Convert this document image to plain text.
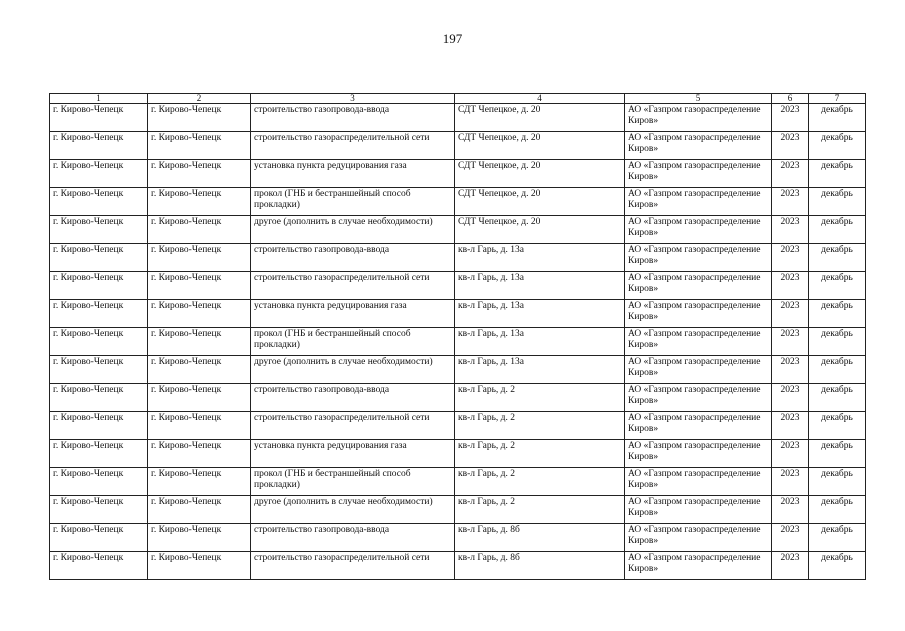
197
1	2	3	4	5	6	7
г. Кирово-Чепецк	г. Кирово-Чепецк	строительство газопровода-ввода	СДТ Чепецкое, д. 20	АО «Газпром газораспределение Киров»	2023	декабрь
г. Кирово-Чепецк	г. Кирово-Чепецк	строительство газораспределительной сети	СДТ Чепецкое, д. 20	АО «Газпром газораспределение Киров»	2023	декабрь
г. Кирово-Чепецк	г. Кирово-Чепецк	установка пункта редуцирования газа	СДТ Чепецкое, д. 20	АО «Газпром газораспределение Киров»	2023	декабрь
г. Кирово-Чепецк	г. Кирово-Чепецк	прокол (ГНБ и бестраншейный способ прокладки)	СДТ Чепецкое, д. 20	АО «Газпром газораспределение Киров»	2023	декабрь
г. Кирово-Чепецк	г. Кирово-Чепецк	другое (дополнить в случае необходимости)	СДТ Чепецкое, д. 20	АО «Газпром газораспределение Киров»	2023	декабрь
г. Кирово-Чепецк	г. Кирово-Чепецк	строительство газопровода-ввода	кв-л Гарь, д. 13а	АО «Газпром газораспределение Киров»	2023	декабрь
г. Кирово-Чепецк	г. Кирово-Чепецк	строительство газораспределительной сети	кв-л Гарь, д. 13а	АО «Газпром газораспределение Киров»	2023	декабрь
г. Кирово-Чепецк	г. Кирово-Чепецк	установка пункта редуцирования газа	кв-л Гарь, д. 13а	АО «Газпром газораспределение Киров»	2023	декабрь
г. Кирово-Чепецк	г. Кирово-Чепецк	прокол (ГНБ и бестраншейный способ прокладки)	кв-л Гарь, д. 13а	АО «Газпром газораспределение Киров»	2023	декабрь
г. Кирово-Чепецк	г. Кирово-Чепецк	другое (дополнить в случае необходимости)	кв-л Гарь, д. 13а	АО «Газпром газораспределение Киров»	2023	декабрь
г. Кирово-Чепецк	г. Кирово-Чепецк	строительство газопровода-ввода	кв-л Гарь, д. 2	АО «Газпром газораспределение Киров»	2023	декабрь
г. Кирово-Чепецк	г. Кирово-Чепецк	строительство газораспределительной сети	кв-л Гарь, д. 2	АО «Газпром газораспределение Киров»	2023	декабрь
г. Кирово-Чепецк	г. Кирово-Чепецк	установка пункта редуцирования газа	кв-л Гарь, д. 2	АО «Газпром газораспределение Киров»	2023	декабрь
г. Кирово-Чепецк	г. Кирово-Чепецк	прокол (ГНБ и бестраншейный способ прокладки)	кв-л Гарь, д. 2	АО «Газпром газораспределение Киров»	2023	декабрь
г. Кирово-Чепецк	г. Кирово-Чепецк	другое (дополнить в случае необходимости)	кв-л Гарь, д. 2	АО «Газпром газораспределение Киров»	2023	декабрь
г. Кирово-Чепецк	г. Кирово-Чепецк	строительство газопровода-ввода	кв-л Гарь, д. 8б	АО «Газпром газораспределение Киров»	2023	декабрь
г. Кирово-Чепецк	г. Кирово-Чепецк	строительство газораспределительной сети	кв-л Гарь, д. 8б	АО «Газпром газораспределение Киров»	2023	декабрь
